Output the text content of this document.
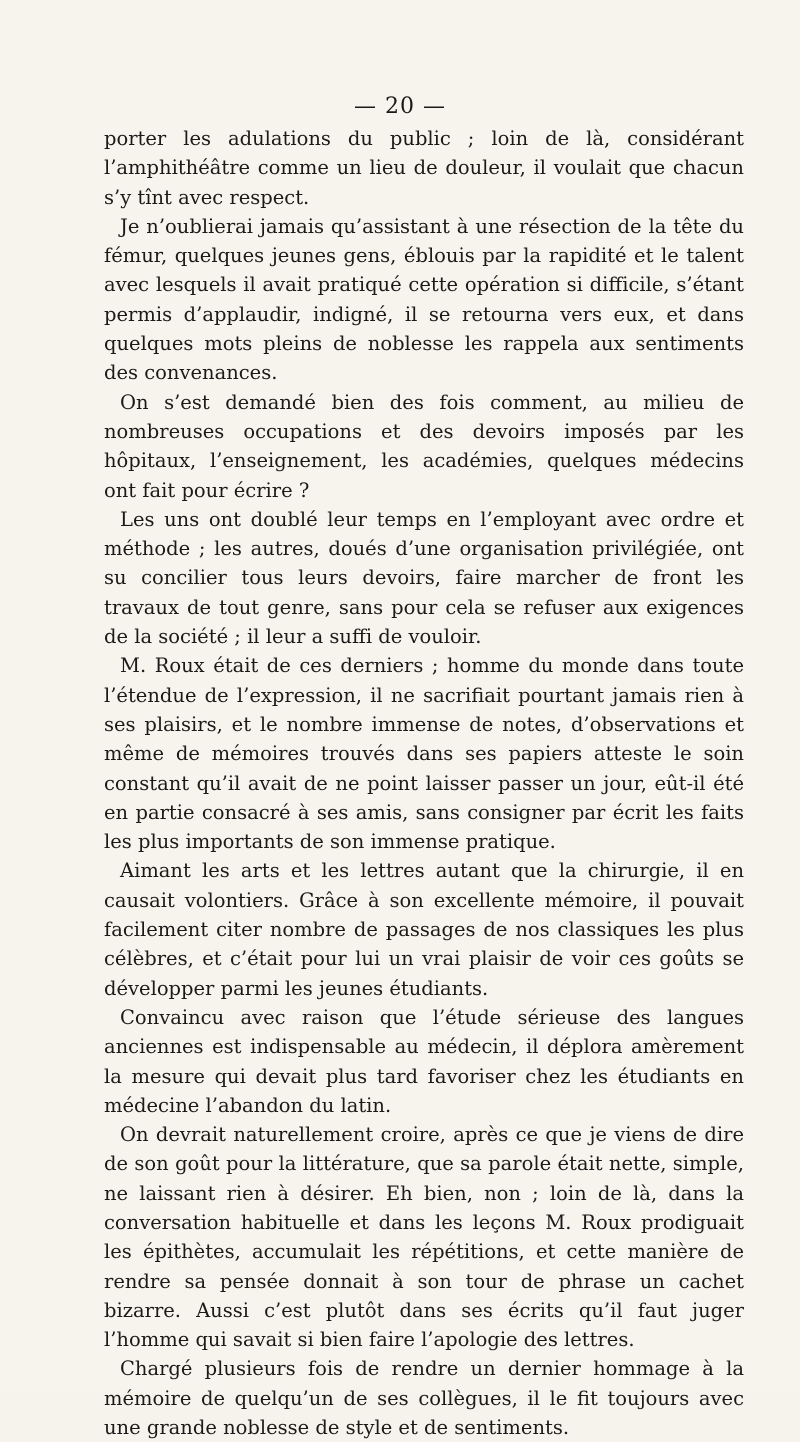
— 20 —

porter les adulations du public ; loin de là, considérant l’amphithéâtre comme un lieu de douleur, il voulait que chacun s’y tînt avec respect.

Je n’oublierai jamais qu’assistant à une résection de la tête du fémur, quelques jeunes gens, éblouis par la rapidité et le talent avec lesquels il avait pratiqué cette opération si difficile, s’étant permis d’applaudir, indigné, il se retourna vers eux, et dans quelques mots pleins de noblesse les rappela aux sentiments des convenances.

On s’est demandé bien des fois comment, au milieu de nombreuses occupations et des devoirs imposés par les hôpitaux, l’enseignement, les académies, quelques médecins ont fait pour écrire ?

Les uns ont doublé leur temps en l’employant avec ordre et méthode ; les autres, doués d’une organisation privilégiée, ont su concilier tous leurs devoirs, faire marcher de front les travaux de tout genre, sans pour cela se refuser aux exigences de la société ; il leur a suffi de vouloir.

M. Roux était de ces derniers ; homme du monde dans toute l’étendue de l’expression, il ne sacrifiait pourtant jamais rien à ses plaisirs, et le nombre immense de notes, d’observations et même de mémoires trouvés dans ses papiers atteste le soin constant qu’il avait de ne point laisser passer un jour, eût-il été en partie consacré à ses amis, sans consigner par écrit les faits les plus importants de son immense pratique.

Aimant les arts et les lettres autant que la chirurgie, il en causait volontiers. Grâce à son excellente mémoire, il pouvait facilement citer nombre de passages de nos classiques les plus célèbres, et c’était pour lui un vrai plaisir de voir ces goûts se développer parmi les jeunes étudiants.

Convaincu avec raison que l’étude sérieuse des langues anciennes est indispensable au médecin, il déplora amèrement la mesure qui devait plus tard favoriser chez les étudiants en médecine l’abandon du latin.

On devrait naturellement croire, après ce que je viens de dire de son goût pour la littérature, que sa parole était nette, simple, ne laissant rien à désirer. Eh bien, non ; loin de là, dans la conversation habituelle et dans les leçons M. Roux prodiguait les épithètes, accumulait les répétitions, et cette manière de rendre sa pensée donnait à son tour de phrase un cachet bizarre. Aussi c’est plutôt dans ses écrits qu’il faut juger l’homme qui savait si bien faire l’apologie des lettres.

Chargé plusieurs fois de rendre un dernier hommage à la mémoire de quelqu’un de ses collègues, il le fit toujours avec une grande noblesse de style et de sentiments.
